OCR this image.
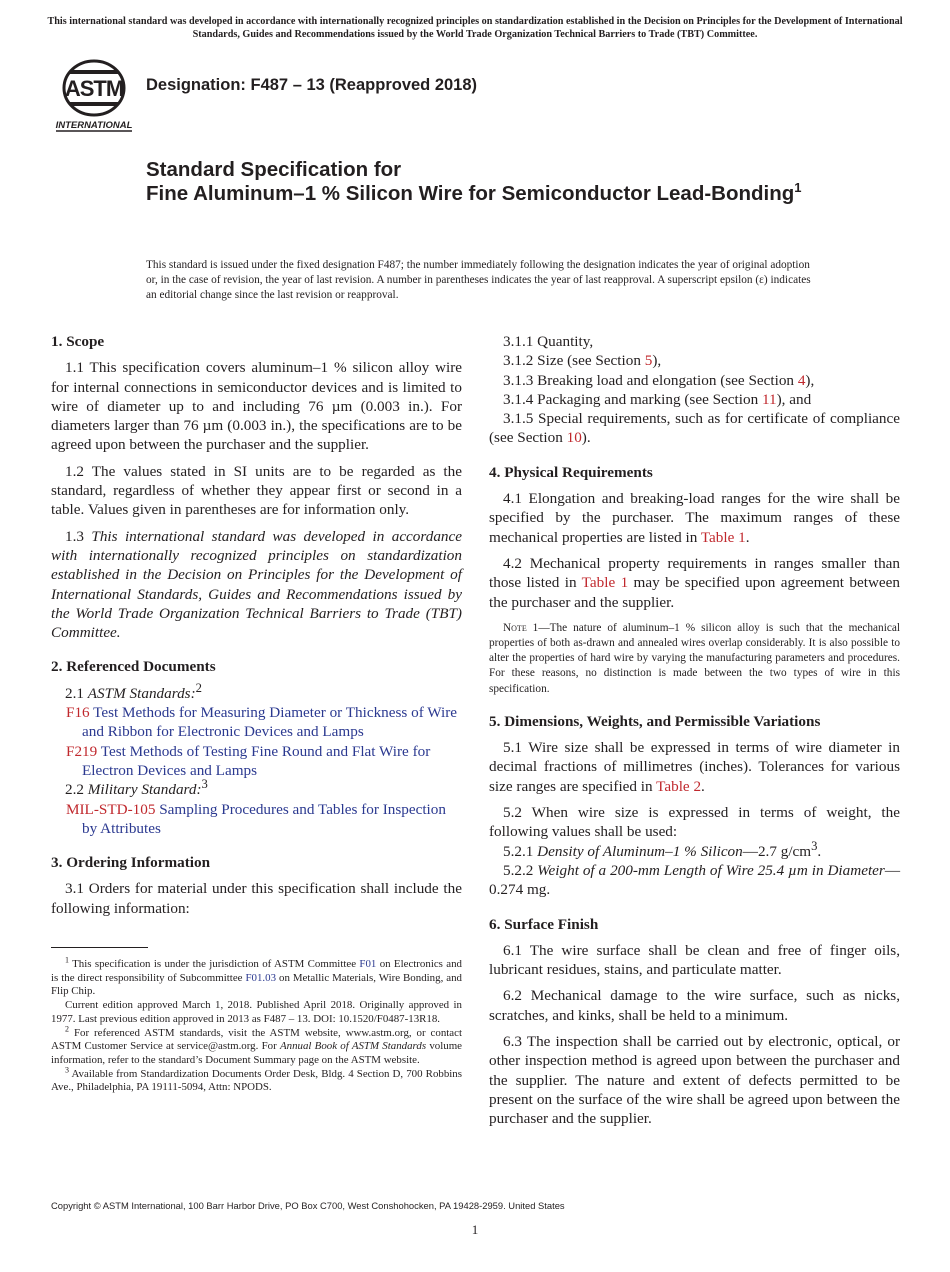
This international standard was developed in accordance with internationally recognized principles on standardization established in the Decision on Principles for the Development of International Standards, Guides and Recommendations issued by the World Trade Organization Technical Barriers to Trade (TBT) Committee.
ASTM
INTERNATIONAL
Designation: F487 – 13 (Reapproved 2018)
Standard Specification for
Fine Aluminum–1 % Silicon Wire for Semiconductor Lead-Bonding$^1$
This standard is issued under the fixed designation F487; the number immediately following the designation indicates the year of original adoption or, in the case of revision, the year of last revision. A number in parentheses indicates the year of last reapproval. A superscript epsilon (ε) indicates an editorial change since the last revision or reapproval.
1. Scope

1.1 This specification covers aluminum–1 % silicon alloy wire for internal connections in semiconductor devices and is limited to wire of diameter up to and including 76 µm (0.003 in.). For diameters larger than 76 µm (0.003 in.), the specifications are to be agreed upon between the purchaser and the supplier.

1.2 The values stated in SI units are to be regarded as the standard, regardless of whether they appear first or second in a table. Values given in parentheses are for information only.

1.3 This international standard was developed in accordance with internationally recognized principles on standardization established in the Decision on Principles for the Development of International Standards, Guides and Recommendations issued by the World Trade Organization Technical Barriers to Trade (TBT) Committee.

2. Referenced Documents

2.1 ASTM Standards:$^2$

F16 Test Methods for Measuring Diameter or Thickness of Wire and Ribbon for Electronic Devices and Lamps

F219 Test Methods of Testing Fine Round and Flat Wire for Electron Devices and Lamps

2.2 Military Standard:$^3$

MIL-STD-105 Sampling Procedures and Tables for Inspection by Attributes

3. Ordering Information

3.1 Orders for material under this specification shall include the following information:

$^1$ This specification is under the jurisdiction of ASTM Committee F01 on Electronics and is the direct responsibility of Subcommittee F01.03 on Metallic Materials, Wire Bonding, and Flip Chip.

Current edition approved March 1, 2018. Published April 2018. Originally approved in 1977. Last previous edition approved in 2013 as F487 – 13. DOI: 10.1520/F0487-13R18.

$^2$ For referenced ASTM standards, visit the ASTM website, www.astm.org, or contact ASTM Customer Service at service@astm.org. For Annual Book of ASTM Standards volume information, refer to the standard’s Document Summary page on the ASTM website.

$^3$ Available from Standardization Documents Order Desk, Bldg. 4 Section D, 700 Robbins Ave., Philadelphia, PA 19111-5094, Attn: NPODS.

3.1.1 Quantity,

3.1.2 Size (see Section 5),

3.1.3 Breaking load and elongation (see Section 4),

3.1.4 Packaging and marking (see Section 11), and

3.1.5 Special requirements, such as for certificate of compliance (see Section 10).

4. Physical Requirements

4.1 Elongation and breaking-load ranges for the wire shall be specified by the purchaser. The maximum ranges of these mechanical properties are listed in Table 1.

4.2 Mechanical property requirements in ranges smaller than those listed in Table 1 may be specified upon agreement between the purchaser and the supplier.

Note 1—The nature of aluminum–1 % silicon alloy is such that the mechanical properties of both as-drawn and annealed wires overlap considerably. It is also possible to alter the properties of hard wire by varying the manufacturing parameters and procedures. For these reasons, no distinction is made between the two types of wire in this specification.

5. Dimensions, Weights, and Permissible Variations

5.1 Wire size shall be expressed in terms of wire diameter in decimal fractions of millimetres (inches). Tolerances for various size ranges are specified in Table 2.

5.2 When wire size is expressed in terms of weight, the following values shall be used:

5.2.1 Density of Aluminum–1 % Silicon—2.7 $g/cm^3$.

5.2.2 Weight of a 200-mm Length of Wire 25.4 µm in Diameter—0.274 mg.

6. Surface Finish

6.1 The wire surface shall be clean and free of finger oils, lubricant residues, stains, and particulate matter.

6.2 Mechanical damage to the wire surface, such as nicks, scratches, and kinks, shall be held to a minimum.

6.3 The inspection shall be carried out by electronic, optical, or other inspection method is agreed upon between the purchaser and the supplier. The nature and extent of defects permitted to be present on the surface of the wire shall be agreed upon between the purchaser and the supplier.

Copyright © ASTM International, 100 Barr Harbor Drive, PO Box C700, West Conshohocken, PA 19428-2959. United States
1
